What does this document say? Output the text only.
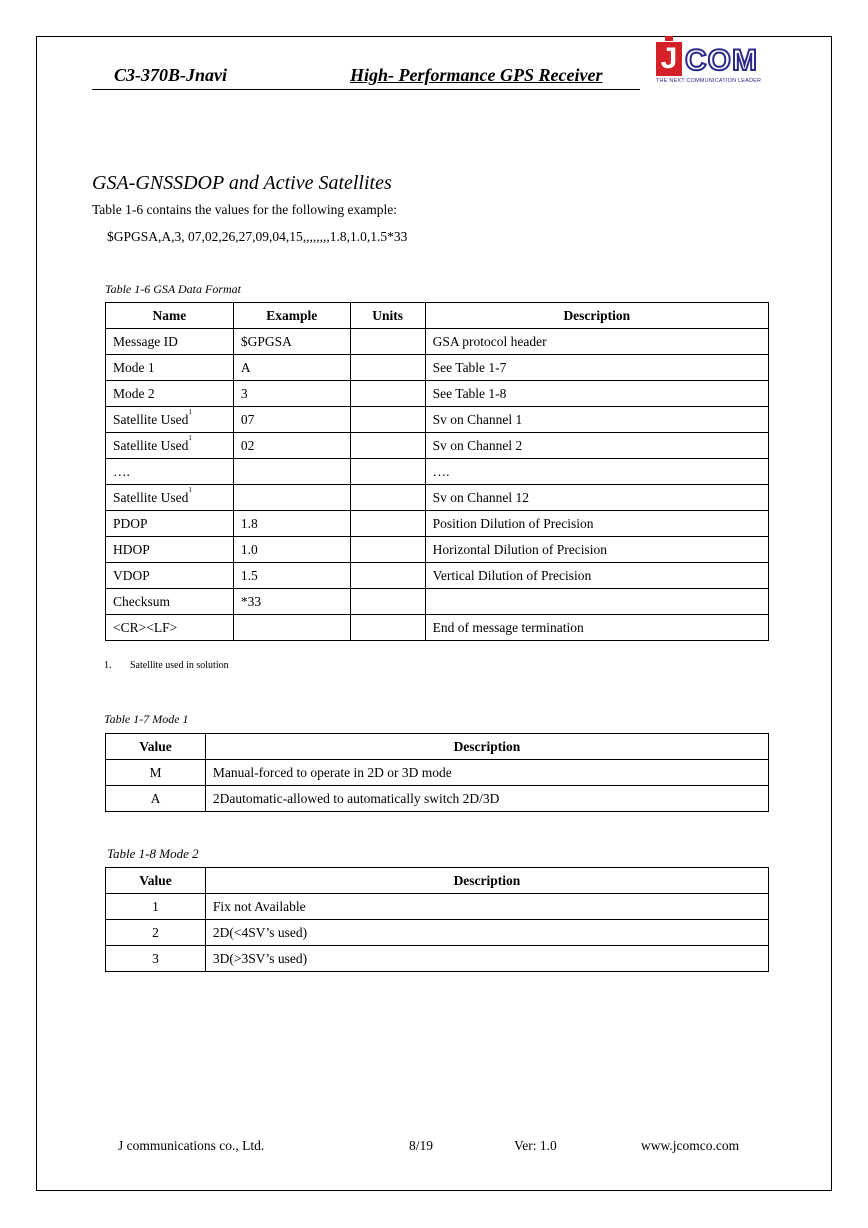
C3-370B-Jnavi	High- Performance GPS Receiver	J COM
THE NEXT COMMUNICATION LEADER
GSA-GNSSDOP and Active Satellites
Table 1-6 contains the values for the following example:
$GPGSA,A,3, 07,02,26,27,09,04,15,,,,,,,,1.8,1.0,1.5*33
Table 1-6 GSA Data Format
Name	Example	Units	Description
Message ID	$GPGSA		GSA protocol header
Mode 1	A		See Table 1-7
Mode 2	3		See Table 1-8
Satellite Used$^1$	07		Sv on Channel 1
Satellite Used$^1$	02		Sv on Channel 2
….			….
Satellite Used$^1$			Sv on Channel 12
PDOP	1.8		Position Dilution of Precision
HDOP	1.0		Horizontal Dilution of Precision
VDOP	1.5		Vertical Dilution of Precision
Checksum	*33		
<CR><LF>			End of message termination
1. Satellite used in solution
Table 1-7 Mode 1
Value	Description
M	Manual-forced to operate in 2D or 3D mode
A	2Dautomatic-allowed to automatically switch 2D/3D
Table 1-8 Mode 2
Value	Description
1	Fix not Available
2	2D(<4SV’s used)
3	3D(>3SV’s used)
J communications co., Ltd.	8/19	Ver: 1.0	www.jcomco.com
